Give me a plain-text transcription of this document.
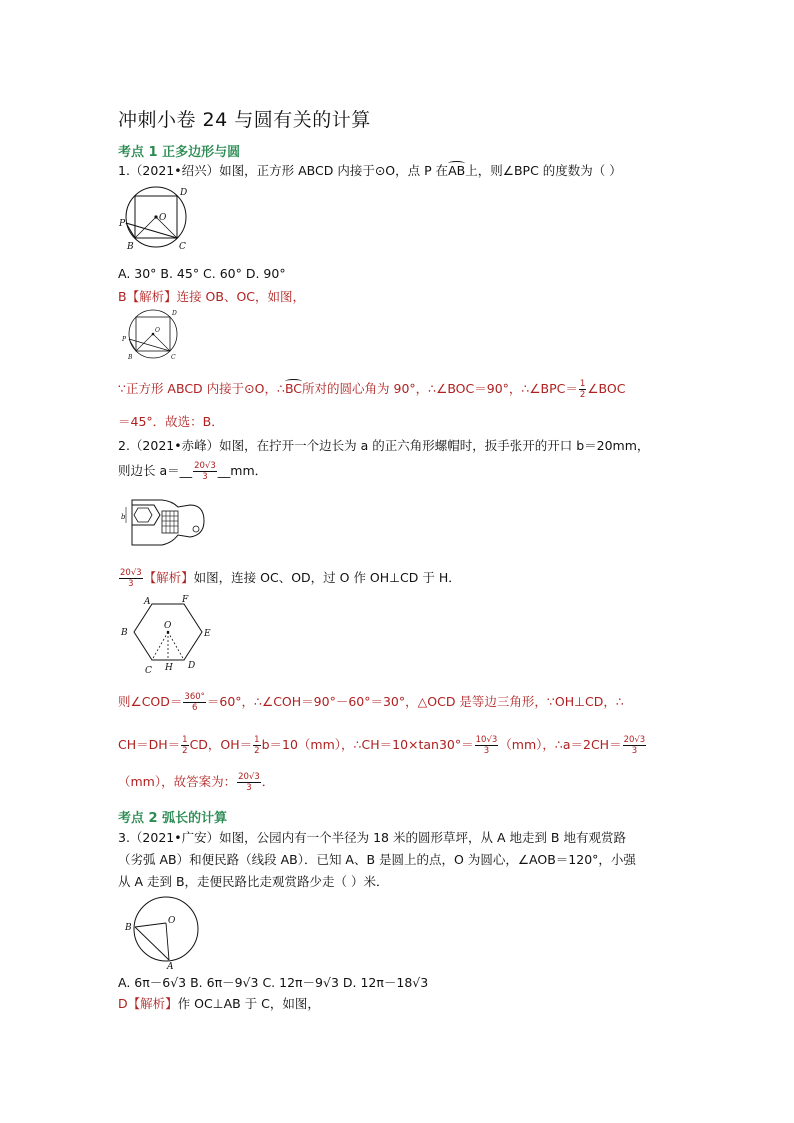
冲刺小卷 24 与圆有关的计算
考点 1 正多边形与圆
1.（2021•绍兴）如图，正方形 ABCD 内接于⊙O，点 P 在AB上，则∠BPC 的度数为（ ）
D
P
O
B	C
A. 30° B. 45° C. 60° D. 90°
B【解析】连接 OB、OC，如图，
D
P
O
B	C
∵正方形 ABCD 内接于⊙O，∴BC所对的圆心角为 90°，∴∠BOC＝90°，∴∠BPC＝ $\frac{1}{2}$ ∠BOC
＝45°．故选：B．
2.（2021•赤峰）如图，在拧开一个边长为 a 的正六角形螺帽时，扳手张开的开口 b＝20mm，
则边长 a＝__ $\frac{20√3}{3}$ __mm．
b
$\frac{20√3}{3}$ 【解析】如图，连接 OC、OD，过 O 作 OH⊥CD 于 H．
A	F
B
O
E
C H D
则∠COD＝ $\frac{360^\circ}{6} =60^\circ$，∴∠COH＝90°－60°＝30°，△OCD 是等边三角形，∵OH⊥CD，∴
$CH=DH= \frac{1}{2}$ CD，$OH= \frac{1}{2} b=10(mm)$，∴CH＝10×tan30°＝ $\frac{10√3}{3} (mm)$，∴a＝2CH＝ $\frac{20√3}{3}$
（mm），故答案为： $\frac{20√3}{3}$ ．
考点 2 弧长的计算
3.（2021•广安）如图，公园内有一个半径为 18 米的圆形草坪，从 A 地走到 B 地有观赏路
（劣弧 AB）和便民路（线段 AB）．已知 A、B 是圆上的点，O 为圆心，∠AOB＝120°，小强
从 A 走到 B，走便民路比走观赏路少走（ ）米．
B
O
A
A. 6π－6√3 B. 6π－9√3 C. 12π－9√3 D. 12π－18√3
D【解析】作 OC⊥AB 于 C，如图，
